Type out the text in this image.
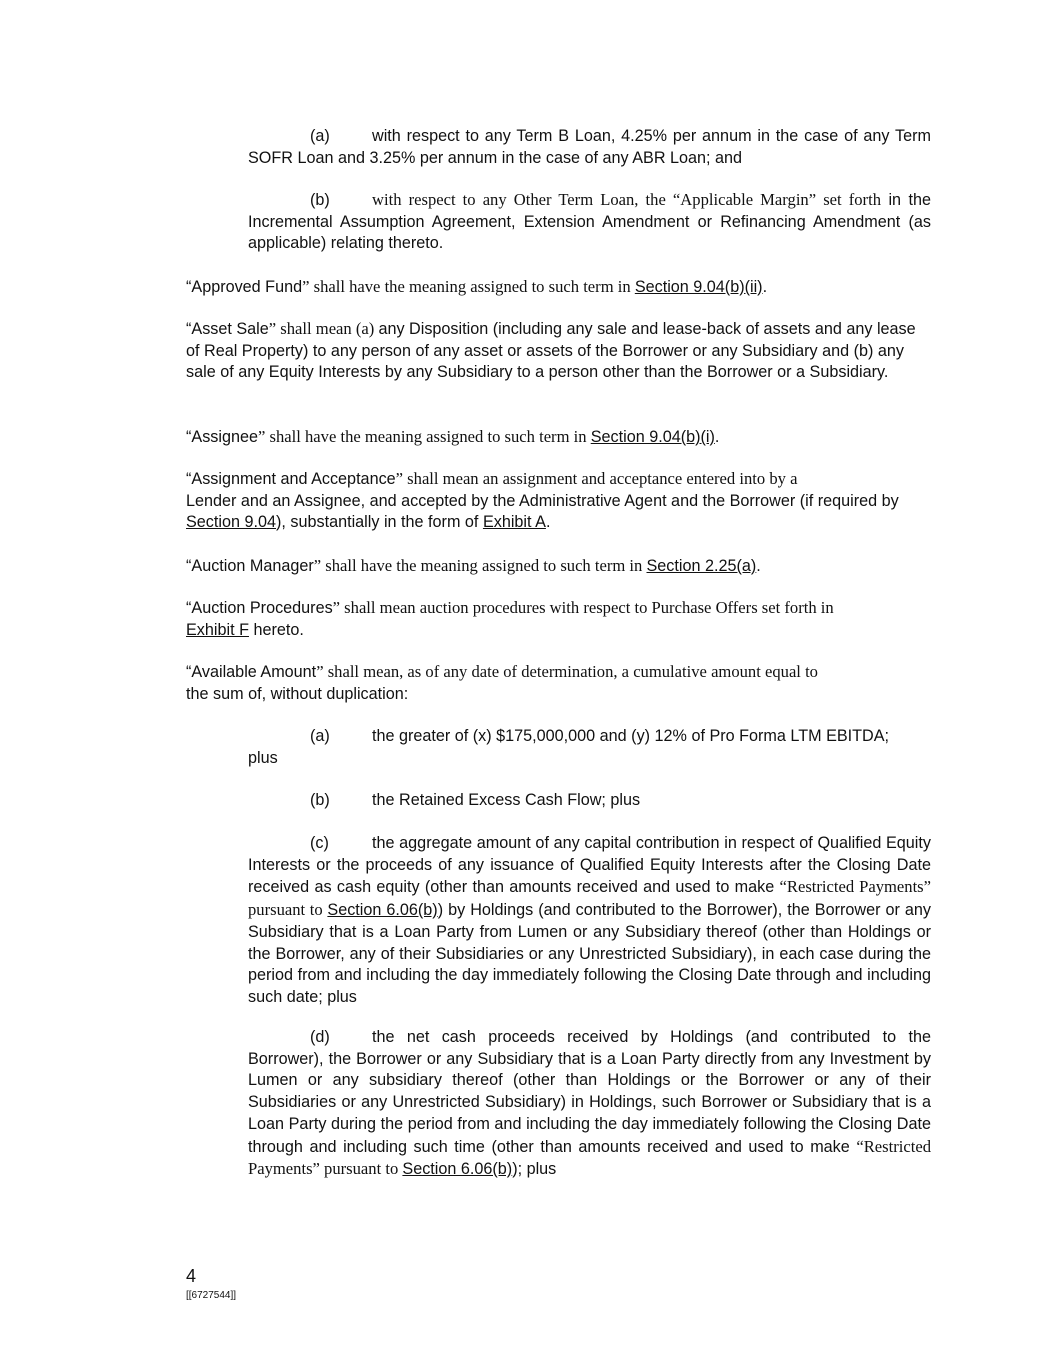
(a)	with respect to any Term B Loan, 4.25% per annum in the case of any Term SOFR Loan and 3.25% per annum in the case of any ABR Loan; and
(b)	with respect to any Other Term Loan, the “Applicable Margin” set forth in the Incremental Assumption Agreement, Extension Amendment or Refinancing Amendment (as applicable) relating thereto.
“Approved Fund” shall have the meaning assigned to such term in Section 9.04(b)(ii).
“Asset Sale” shall mean (a) any Disposition (including any sale and lease-back of assets and any lease of Real Property) to any person of any asset or assets of the Borrower or any Subsidiary and (b) any sale of any Equity Interests by any Subsidiary to a person other than the Borrower or a Subsidiary.
“Assignee” shall have the meaning assigned to such term in Section 9.04(b)(i).
“Assignment and Acceptance” shall mean an assignment and acceptance entered into by a
Lender and an Assignee, and accepted by the Administrative Agent and the Borrower (if required by Section 9.04), substantially in the form of Exhibit A.
“Auction Manager” shall have the meaning assigned to such term in Section 2.25(a).
“Auction Procedures” shall mean auction procedures with respect to Purchase Offers set forth in
Exhibit F hereto.
“Available Amount” shall mean, as of any date of determination, a cumulative amount equal to
the sum of, without duplication:
(a)	the greater of (x) $175,000,000 and (y) 12% of Pro Forma LTM EBITDA;
plus
(b)	the Retained Excess Cash Flow; plus
(c)	the aggregate amount of any capital contribution in respect of Qualified Equity Interests or the proceeds of any issuance of Qualified Equity Interests after the Closing Date received as cash equity (other than amounts received and used to make “Restricted Payments” pursuant to Section 6.06(b)) by Holdings (and contributed to the Borrower), the Borrower or any Subsidiary that is a Loan Party from Lumen or any Subsidiary thereof (other than Holdings or the Borrower, any of their Subsidiaries or any Unrestricted Subsidiary), in each case during the period from and including the day immediately following the Closing Date through and including such date; plus
(d)	the net cash proceeds received by Holdings (and contributed to the Borrower), the Borrower or any Subsidiary that is a Loan Party directly from any Investment by Lumen or any subsidiary thereof (other than Holdings or the Borrower or any of their Subsidiaries or any Unrestricted Subsidiary) in Holdings, such Borrower or Subsidiary that is a Loan Party during the period from and including the day immediately following the Closing Date through and including such time (other than amounts received and used to make “Restricted Payments” pursuant to Section 6.06(b)); plus
4
[[6727544]]
